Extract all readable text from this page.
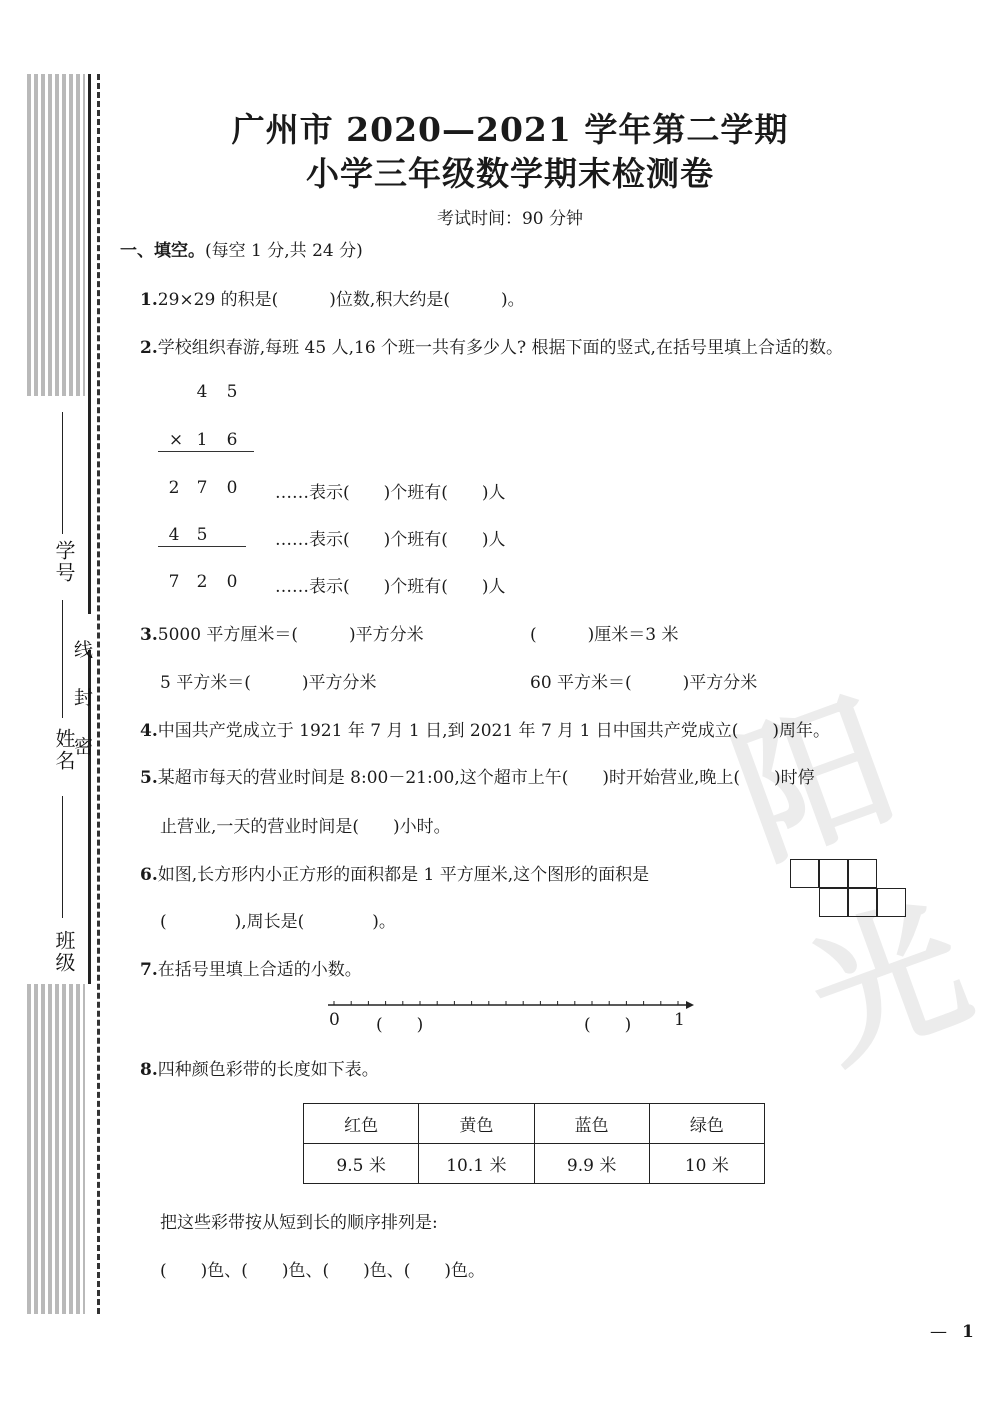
学号
姓名
班级
线
封
密	阳光
广州市 2020—2021 学年第二学期
小学三年级数学期末检测卷
考试时间：90 分钟
一、填空。(每空 1 分,共 24 分)
1.29×29 的积是(　　　)位数,积大约是(　　　)。
2.学校组织春游,每班 45 人,16 个班一共有多少人? 根据下面的竖式,在括号里填上合适的数。
4 5
× 1 6
2 7 0 ……表示(　　)个班有(　　)人
4 5	……表示(　　)个班有(　　)人
7 2 0 ……表示(　　)个班有(　　)人
3.5000 平方厘米＝(　　　)平方分米	(　　　)厘米＝3 米
5 平方米＝(　　　)平方分米	60 平方米＝(　　　)平方分米
4.中国共产党成立于 1921 年 7 月 1 日,到 2021 年 7 月 1 日中国共产党成立(　　)周年。
5.某超市每天的营业时间是 8:00－21:00,这个超市上午(　　)时开始营业,晚上(　　)时停
止营业,一天的营业时间是(　　)小时。
6.如图,长方形内小正方形的面积都是 1 平方厘米,这个图形的面积是
(　　　　),周长是(　　　　)。
7.在括号里填上合适的小数。
0 (　　)	(　　)	1
8.四种颜色彩带的长度如下表。
红色	黄色	蓝色	绿色
9.5 米	10.1 米	9.9 米	10 米
把这些彩带按从短到长的顺序排列是:
(　　)色、(　　)色、(　　)色、(　　)色。
— 1
